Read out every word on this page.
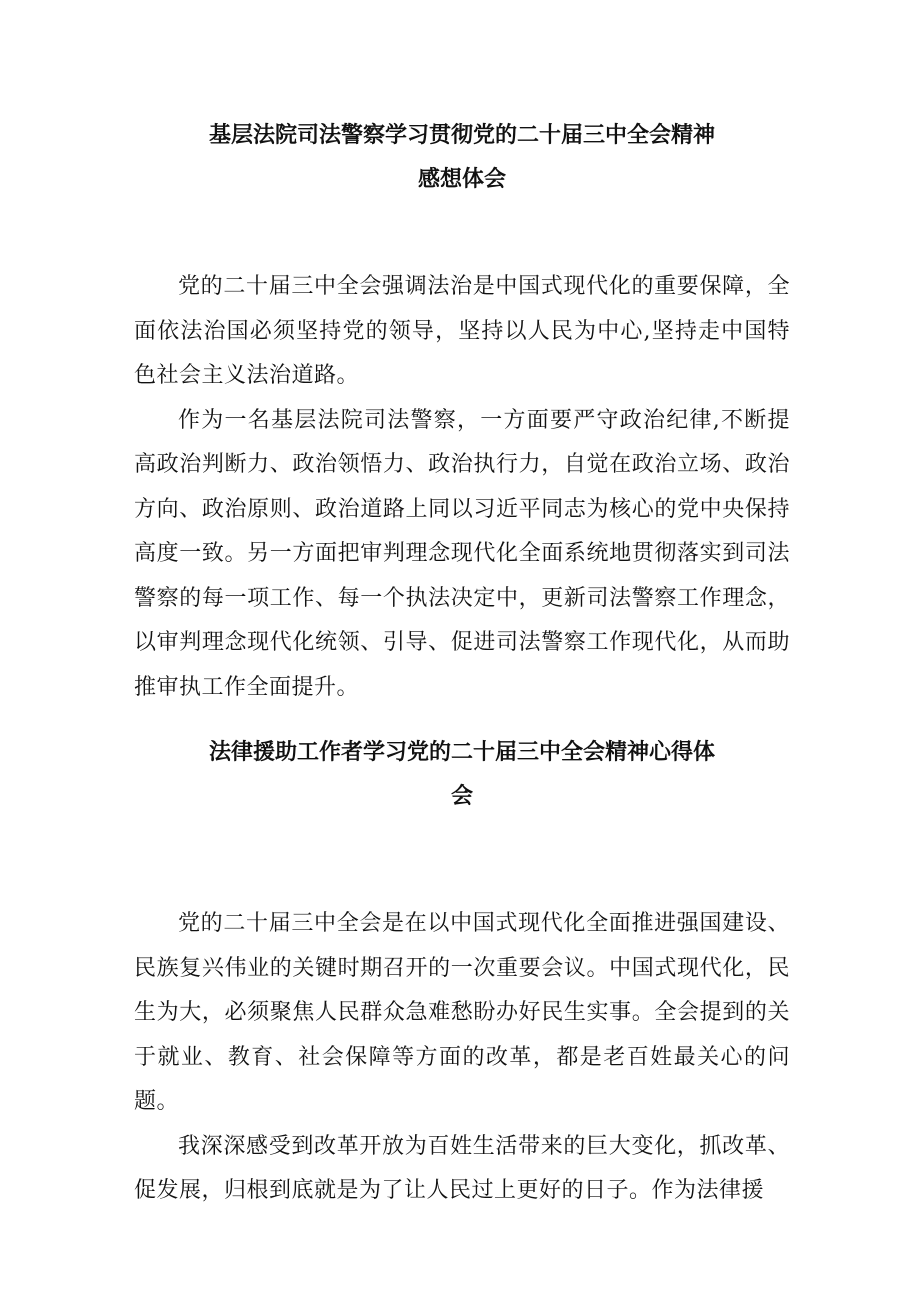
基层法院司法警察学习贯彻党的二十届三中全会精神
感想体会

党的二十届三中全会强调法治是中国式现代化的重要保障，全面依法治国必须坚持党的领导，坚持以人民为中心,坚持走中国特色社会主义法治道路。

作为一名基层法院司法警察，一方面要严守政治纪律,不断提高政治判断力、政治领悟力、政治执行力，自觉在政治立场、政治方向、政治原则、政治道路上同以习近平同志为核心的党中央保持高度一致。另一方面把审判理念现代化全面系统地贯彻落实到司法警察的每一项工作、每一个执法决定中，更新司法警察工作理念，以审判理念现代化统领、引导、促进司法警察工作现代化，从而助推审执工作全面提升。

法律援助工作者学习党的二十届三中全会精神心得体
会

党的二十届三中全会是在以中国式现代化全面推进强国建设、民族复兴伟业的关键时期召开的一次重要会议。中国式现代化，民生为大，必须聚焦人民群众急难愁盼办好民生实事。全会提到的关于就业、教育、社会保障等方面的改革，都是老百姓最关心的问题。

我深深感受到改革开放为百姓生活带来的巨大变化，抓改革、促发展，归根到底就是为了让人民过上更好的日子。作为法律援
